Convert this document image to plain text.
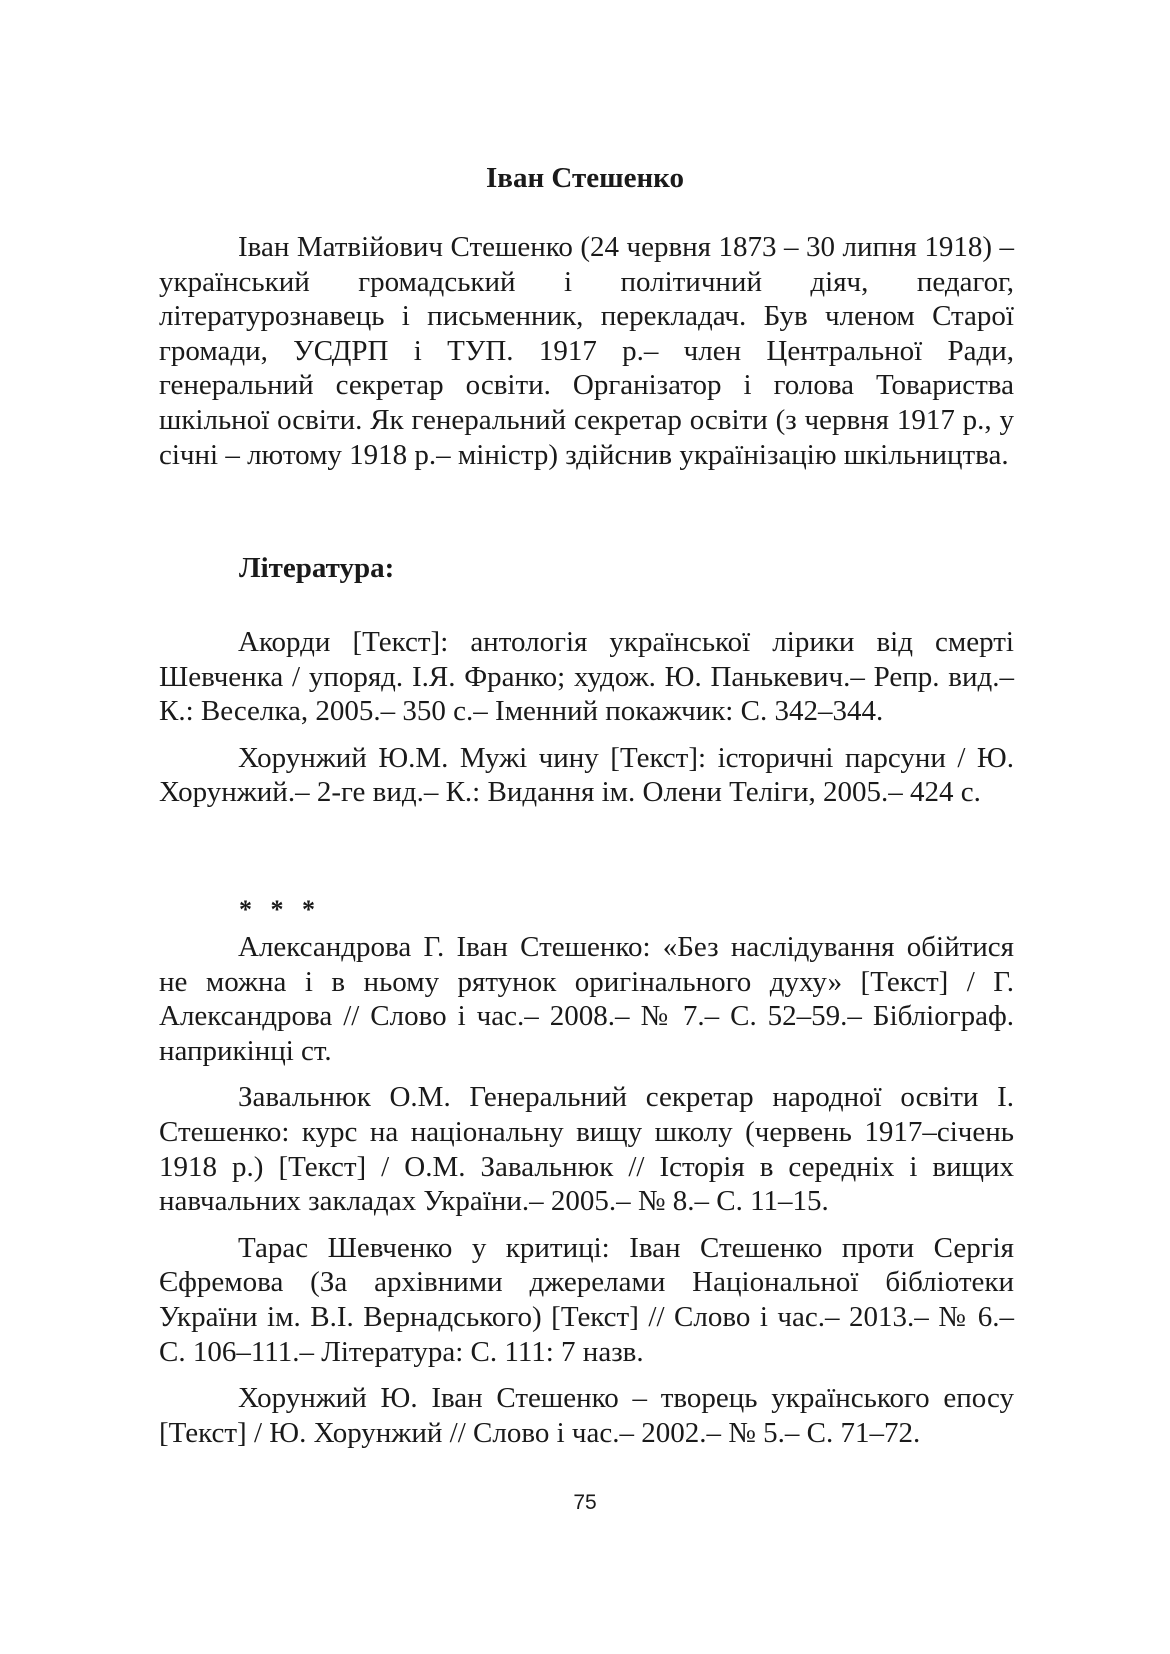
Іван Стешенко

Іван Матвійович Стешенко (24 червня 1873 – 30 липня 1918) – український громадський і політичний діяч, педагог, літературознавець і письменник, перекладач. Був членом Старої громади, УСДРП і ТУП. 1917 р.– член Центральної Ради, генеральний секретар освіти. Організатор і голова Товариства шкільної освіти. Як генеральний секретар освіти (з червня 1917 р., у січні – лютому 1918 р.– міністр) здійснив українізацію шкільництва.

Література:

Акорди [Текст]: антологія української лірики від смерті Шевченка / упоряд. І.Я. Франко; худож. Ю. Панькевич.– Репр. вид.– К.: Веселка, 2005.– 350 с.– Іменний покажчик: С. 342–344.

Хорунжий Ю.М. Мужі чину [Текст]: історичні парсуни / Ю. Хорунжий.– 2-ге вид.– К.: Видання ім. Олени Теліги, 2005.– 424 с.

* * *

Александрова Г. Іван Стешенко: «Без наслідування обійтися не можна і в ньому рятунок оригінального духу» [Текст] / Г. Александрова // Слово і час.– 2008.– № 7.– С. 52–59.– Бібліограф. наприкінці ст.

Завальнюк О.М. Генеральний секретар народної освіти І. Стешенко: курс на національну вищу школу (червень 1917–січень 1918 р.) [Текст] / О.М. Завальнюк // Історія в середніх і вищих навчальних закладах України.– 2005.– № 8.– С. 11–15.

Тарас Шевченко у критиці: Іван Стешенко проти Сергія Єфремова (За архівними джерелами Національної бібліотеки України ім. В.І. Вернадського) [Текст] // Слово і час.– 2013.– № 6.– С. 106–111.– Література: С. 111: 7 назв.

Хорунжий Ю. Іван Стешенко – творець українського епосу [Текст] / Ю. Хорунжий // Слово і час.– 2002.– № 5.– С. 71–72.

75
